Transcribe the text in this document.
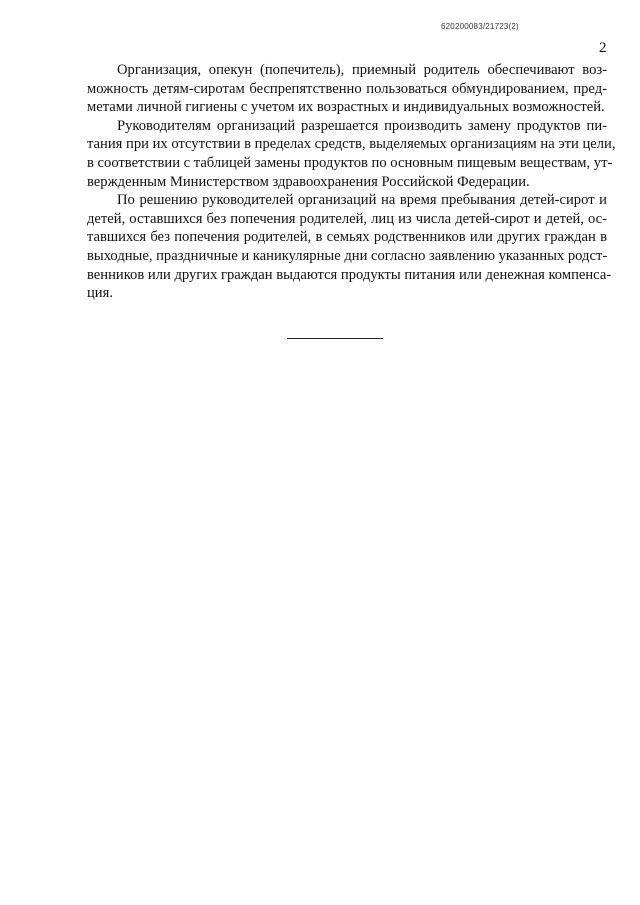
620200083/21723(2)
2

Организация, опекун (попечитель), приемный родитель обеспечивают воз-
можность детям-сиротам беспрепятственно пользоваться обмундированием, пред-
метами личной гигиены с учетом их возрастных и индивидуальных возможностей.

Руководителям организаций разрешается производить замену продуктов пи-
тания при их отсутствии в пределах средств, выделяемых организациям на эти цели,
в соответствии с таблицей замены продуктов по основным пищевым веществам, ут-
вержденным Министерством здравоохранения Российской Федерации.

По решению руководителей организаций на время пребывания детей-сирот и
детей, оставшихся без попечения родителей, лиц из числа детей-сирот и детей, ос-
тавшихся без попечения родителей, в семьях родственников или других граждан в
выходные, праздничные и каникулярные дни согласно заявлению указанных родст-
венников или других граждан выдаются продукты питания или денежная компенса-
ция.
